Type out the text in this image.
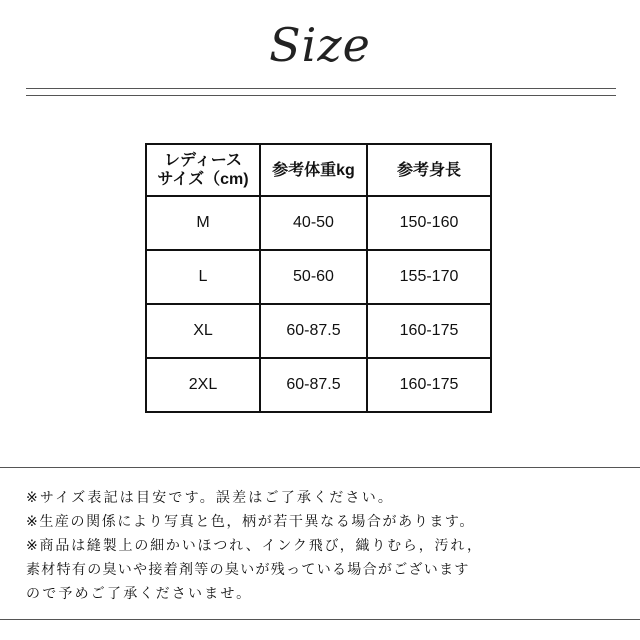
Size
レディース
サイズ（cm)	参考体重kg	参考身長
M	40-50	150-160
L	50-60	155-170
XL	60-87.5	160-175
2XL	60-87.5	160-175
※サイズ表記は目安です。誤差はご了承ください。
※生産の関係により写真と色，柄が若干異なる場合があります。
※商品は縫製上の細かいほつれ、インク飛び，織りむら，汚れ，
素材特有の臭いや接着剤等の臭いが残っている場合がございます
ので予めご了承くださいませ。
